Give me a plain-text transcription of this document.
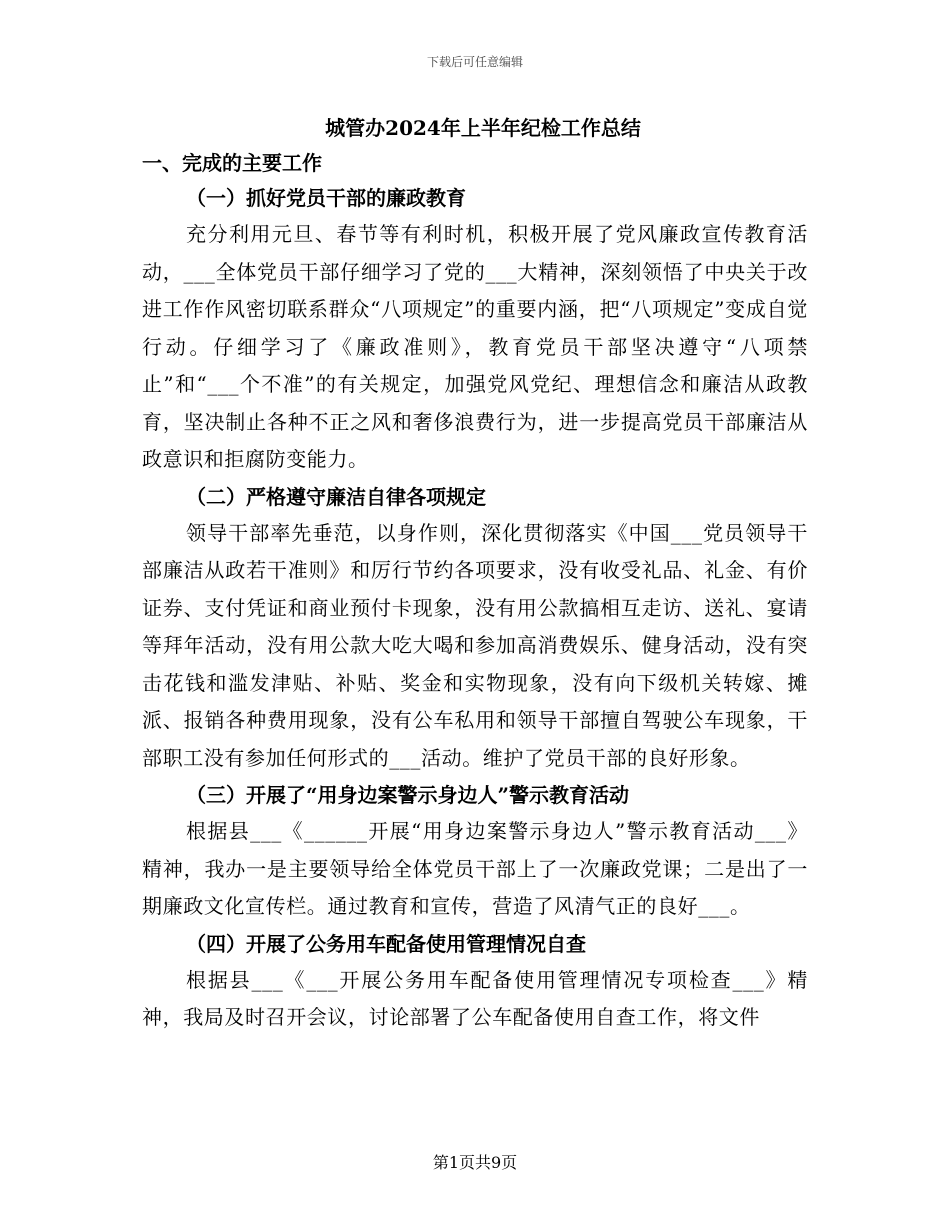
下载后可任意编辑

城管办2024年上半年纪检工作总结

一、完成的主要工作

（一）抓好党员干部的廉政教育

充分利用元旦、春节等有利时机，积极开展了党风廉政宣传教育活动，___全体党员干部仔细学习了党的___大精神，深刻领悟了中央关于改进工作作风密切联系群众“八项规定”的重要内涵，把“八项规定”变成自觉行动。仔细学习了《廉政准则》，教育党员干部坚决遵守“八项禁止”和“___个不准”的有关规定，加强党风党纪、理想信念和廉洁从政教育，坚决制止各种不正之风和奢侈浪费行为，进一步提高党员干部廉洁从政意识和拒腐防变能力。

（二）严格遵守廉洁自律各项规定

领导干部率先垂范，以身作则，深化贯彻落实《中国___党员领导干部廉洁从政若干准则》和厉行节约各项要求，没有收受礼品、礼金、有价证券、支付凭证和商业预付卡现象，没有用公款搞相互走访、送礼、宴请等拜年活动，没有用公款大吃大喝和参加高消费娱乐、健身活动，没有突击花钱和滥发津贴、补贴、奖金和实物现象，没有向下级机关转嫁、摊派、报销各种费用现象，没有公车私用和领导干部擅自驾驶公车现象，干部职工没有参加任何形式的___活动。维护了党员干部的良好形象。

（三）开展了“用身边案警示身边人”警示教育活动

根据县___《______开展“用身边案警示身边人”警示教育活动___》精神，我办一是主要领导给全体党员干部上了一次廉政党课；二是出了一期廉政文化宣传栏。通过教育和宣传，营造了风清气正的良好___。

（四）开展了公务用车配备使用管理情况自查

根据县___《___开展公务用车配备使用管理情况专项检查___》精神，我局及时召开会议，讨论部署了公车配备使用自查工作，将文件

第1页共9页
